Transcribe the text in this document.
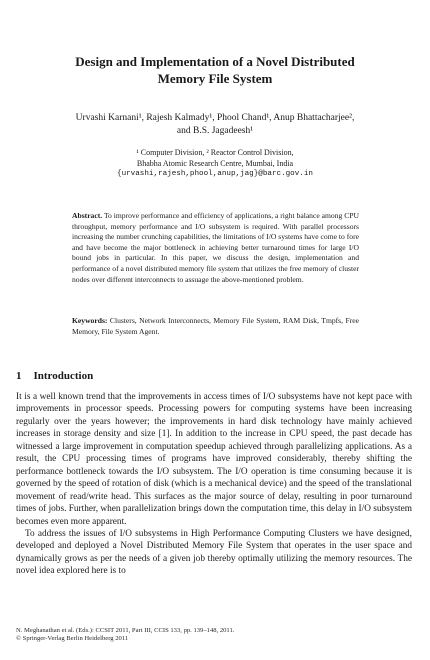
Design and Implementation of a Novel Distributed
Memory File System
Urvashi Karnani¹, Rajesh Kalmady¹, Phool Chand¹, Anup Bhattacharjee²,
and B.S. Jagadeesh¹
¹ Computer Division, ² Reactor Control Division,
Bhabha Atomic Research Centre, Mumbai, India
{urvashi,rajesh,phool,anup,jag}@barc.gov.in
Abstract. To improve performance and efficiency of applications, a right balance among CPU throughput, memory performance and I/O subsystem is required. With parallel processors increasing the number crunching capabilities, the limitations of I/O systems have come to fore and have become the major bottleneck in achieving better turnaround times for large I/O bound jobs in particular. In this paper, we discuss the design, implementation and performance of a novel distributed memory file system that utilizes the free memory of cluster nodes over different interconnects to assuage the above-mentioned problem.
Keywords: Clusters, Network Interconnects, Memory File System, RAM Disk, Tmpfs, Free Memory, File System Agent.
1 Introduction

It is a well known trend that the improvements in access times of I/O subsystems have not kept pace with improvements in processor speeds. Processing powers for computing systems have been increasing regularly over the years however; the improvements in hard disk technology have mainly achieved increases in storage density and size [1]. In addition to the increase in CPU speed, the past decade has witnessed a large improvement in computation speedup achieved through parallelizing applications. As a result, the CPU processing times of programs have improved considerably, thereby shifting the performance bottleneck towards the I/O subsystem. The I/O operation is time consuming because it is governed by the speed of rotation of disk (which is a mechanical device) and the speed of the translational movement of read/write head. This surfaces as the major source of delay, resulting in poor turnaround times of jobs. Further, when parallelization brings down the computation time, this delay in I/O subsystem becomes even more apparent.

To address the issues of I/O subsystems in High Performance Computing Clusters we have designed, developed and deployed a Novel Distributed Memory File System that operates in the user space and dynamically grows as per the needs of a given job thereby optimally utilizing the memory resources. The novel idea explored here is to

N. Meghanathan et al. (Eds.): CCSIT 2011, Part III, CCIS 133, pp. 139–148, 2011.
© Springer-Verlag Berlin Heidelberg 2011
